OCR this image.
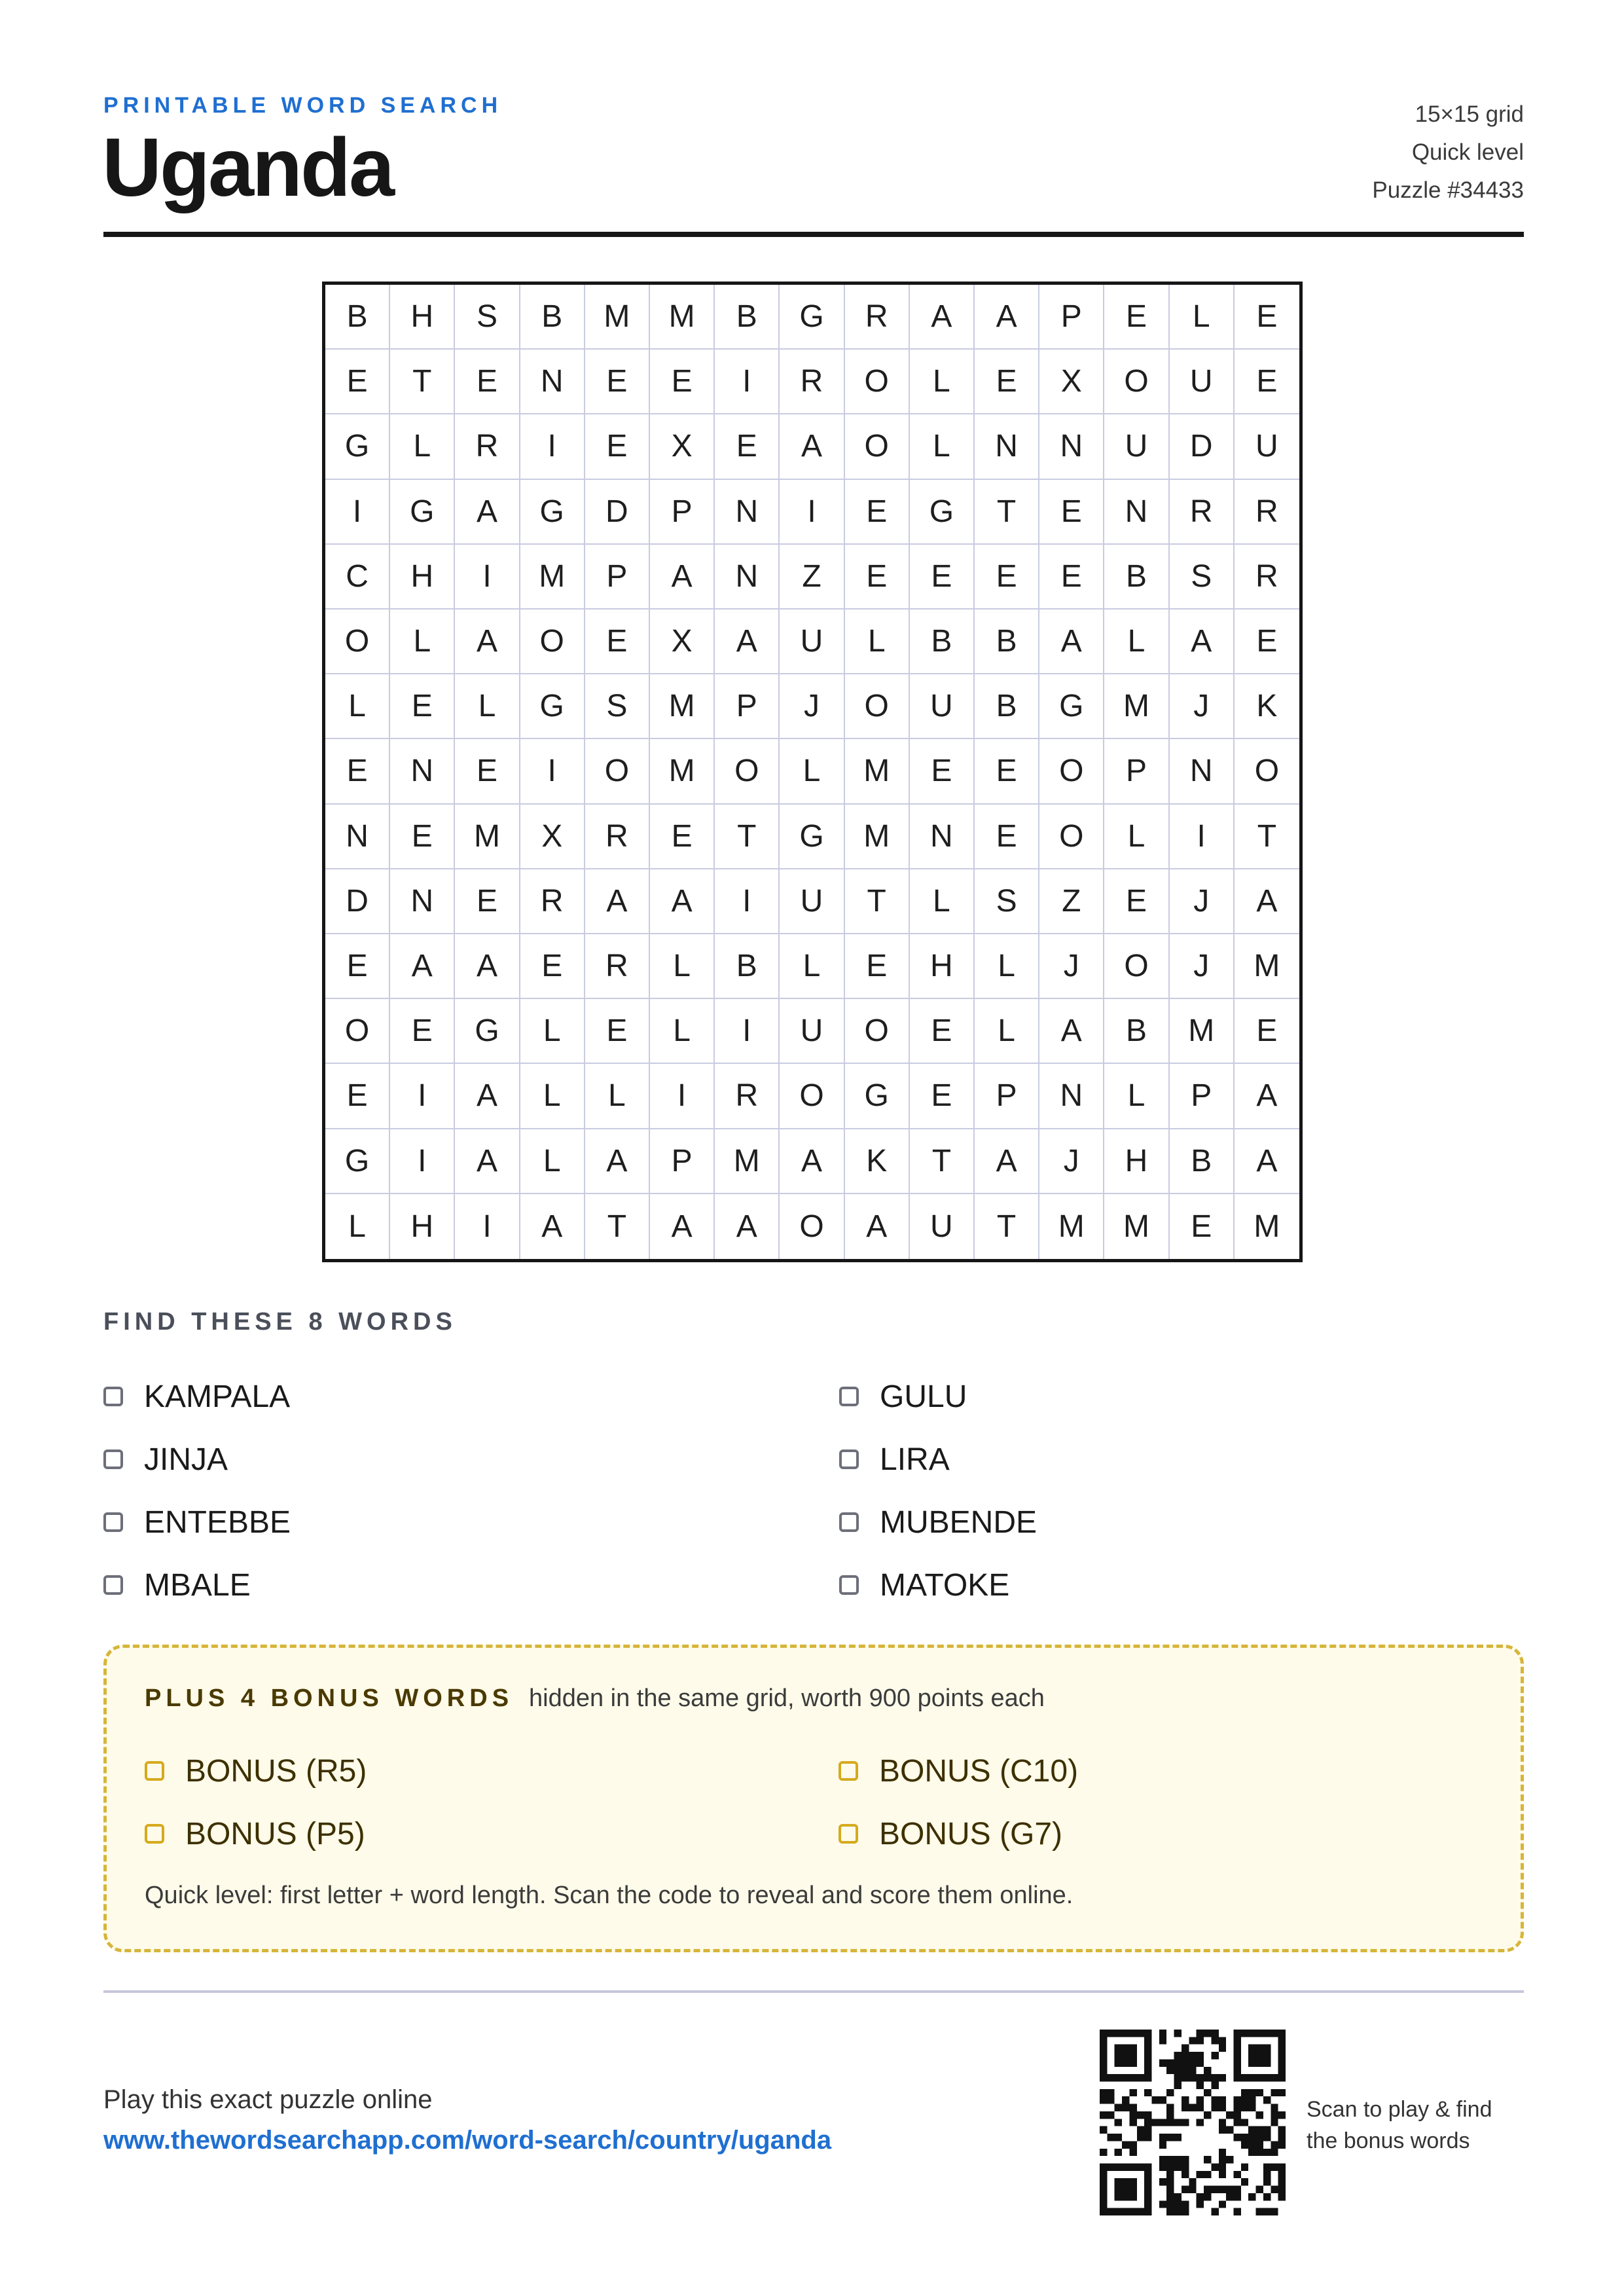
PRINTABLE WORD SEARCH
Uganda
15×15 grid
Quick level
Puzzle #34433
B	H	S	B	M	M	B	G	R	A	A	P	E	L	E
E	T	E	N	E	E	I	R	O	L	E	X	O	U	E
G	L	R	I	E	X	E	A	O	L	N	N	U	D	U
I	G	A	G	D	P	N	I	E	G	T	E	N	R	R
C	H	I	M	P	A	N	Z	E	E	E	E	B	S	R
O	L	A	O	E	X	A	U	L	B	B	A	L	A	E
L	E	L	G	S	M	P	J	O	U	B	G	M	J	K
E	N	E	I	O	M	O	L	M	E	E	O	P	N	O
N	E	M	X	R	E	T	G	M	N	E	O	L	I	T
D	N	E	R	A	A	I	U	T	L	S	Z	E	J	A
E	A	A	E	R	L	B	L	E	H	L	J	O	J	M
O	E	G	L	E	L	I	U	O	E	L	A	B	M	E
E	I	A	L	L	I	R	O	G	E	P	N	L	P	A
G	I	A	L	A	P	M	A	K	T	A	J	H	B	A
L	H	I	A	T	A	A	O	A	U	T	M	M	E	M
FIND THESE 8 WORDS
KAMPALA
JINJA
ENTEBBE
MBALE
GULU
LIRA
MUBENDE
MATOKE
PLUS 4 BONUS WORDS hidden in the same grid, worth 900 points each
BONUS (R5)
BONUS (P5)
BONUS (C10)
BONUS (G7)
Quick level: first letter + word length. Scan the code to reveal and score them online.
Play this exact puzzle online
www.thewordsearchapp.com/word-search/country/uganda
Scan to play & find
the bonus words
